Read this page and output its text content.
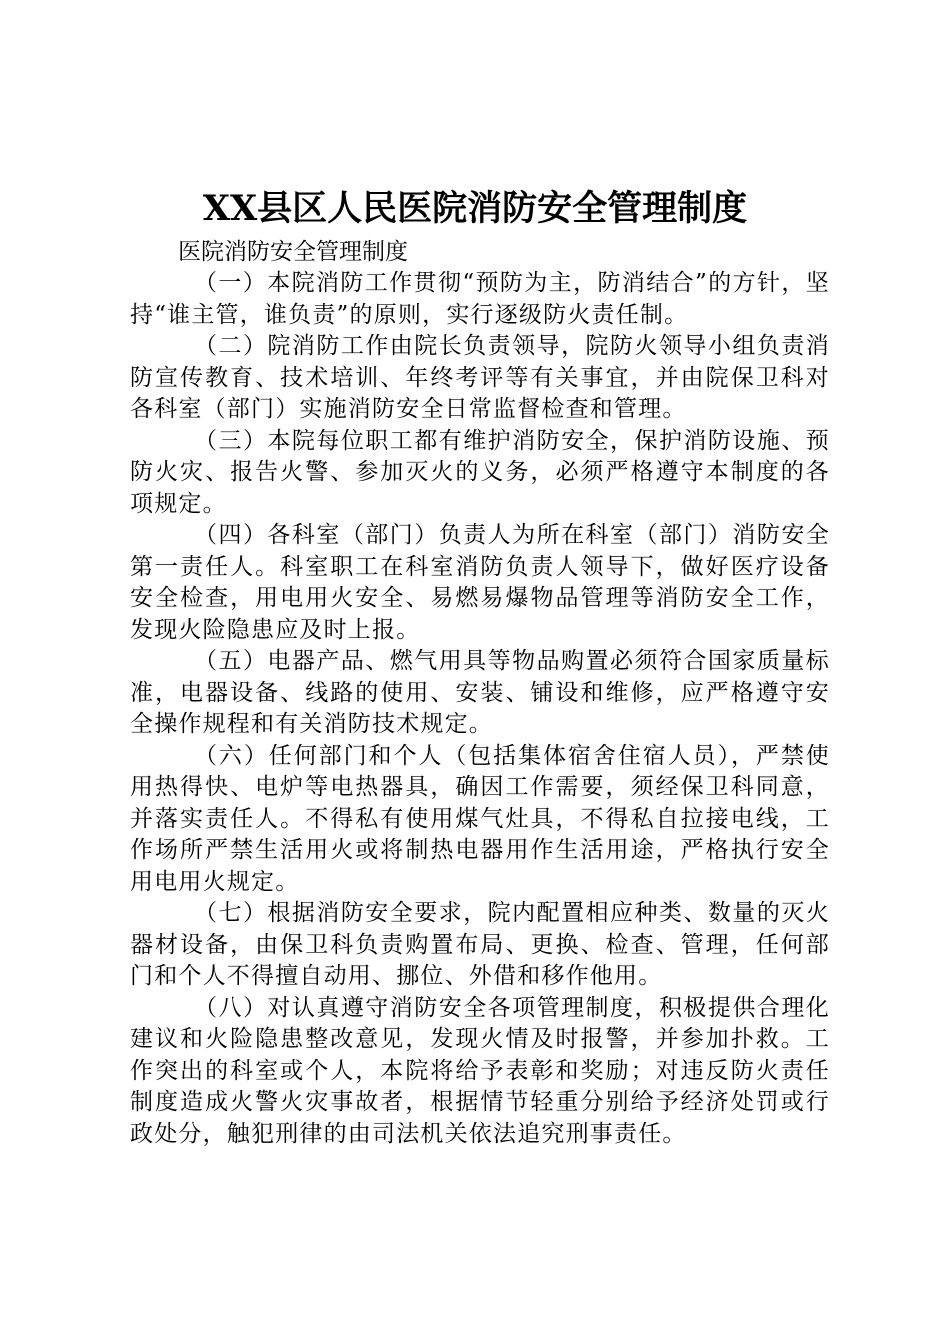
XX县区人民医院消防安全管理制度

医院消防安全管理制度

（一）本院消防工作贯彻“预防为主，防消结合”的方针，坚持“谁主管，谁负责”的原则，实行逐级防火责任制。

（二）院消防工作由院长负责领导，院防火领导小组负责消防宣传教育、技术培训、年终考评等有关事宜，并由院保卫科对各科室（部门）实施消防安全日常监督检查和管理。

（三）本院每位职工都有维护消防安全，保护消防设施、预防火灾、报告火警、参加灭火的义务，必须严格遵守本制度的各项规定。

（四）各科室（部门）负责人为所在科室（部门）消防安全第一责任人。科室职工在科室消防负责人领导下，做好医疗设备安全检查，用电用火安全、易燃易爆物品管理等消防安全工作，发现火险隐患应及时上报。

（五）电器产品、燃气用具等物品购置必须符合国家质量标准，电器设备、线路的使用、安装、铺设和维修，应严格遵守安全操作规程和有关消防技术规定。

（六）任何部门和个人（包括集体宿舍住宿人员），严禁使用热得快、电炉等电热器具，确因工作需要，须经保卫科同意，并落实责任人。不得私有使用煤气灶具，不得私自拉接电线，工作场所严禁生活用火或将制热电器用作生活用途，严格执行安全用电用火规定。

（七）根据消防安全要求，院内配置相应种类、数量的灭火器材设备，由保卫科负责购置布局、更换、检查、管理，任何部门和个人不得擅自动用、挪位、外借和移作他用。

（八）对认真遵守消防安全各项管理制度，积极提供合理化建议和火险隐患整改意见，发现火情及时报警，并参加扑救。工作突出的科室或个人，本院将给予表彰和奖励；对违反防火责任制度造成火警火灾事故者，根据情节轻重分别给予经济处罚或行政处分，触犯刑律的由司法机关依法追究刑事责任。
